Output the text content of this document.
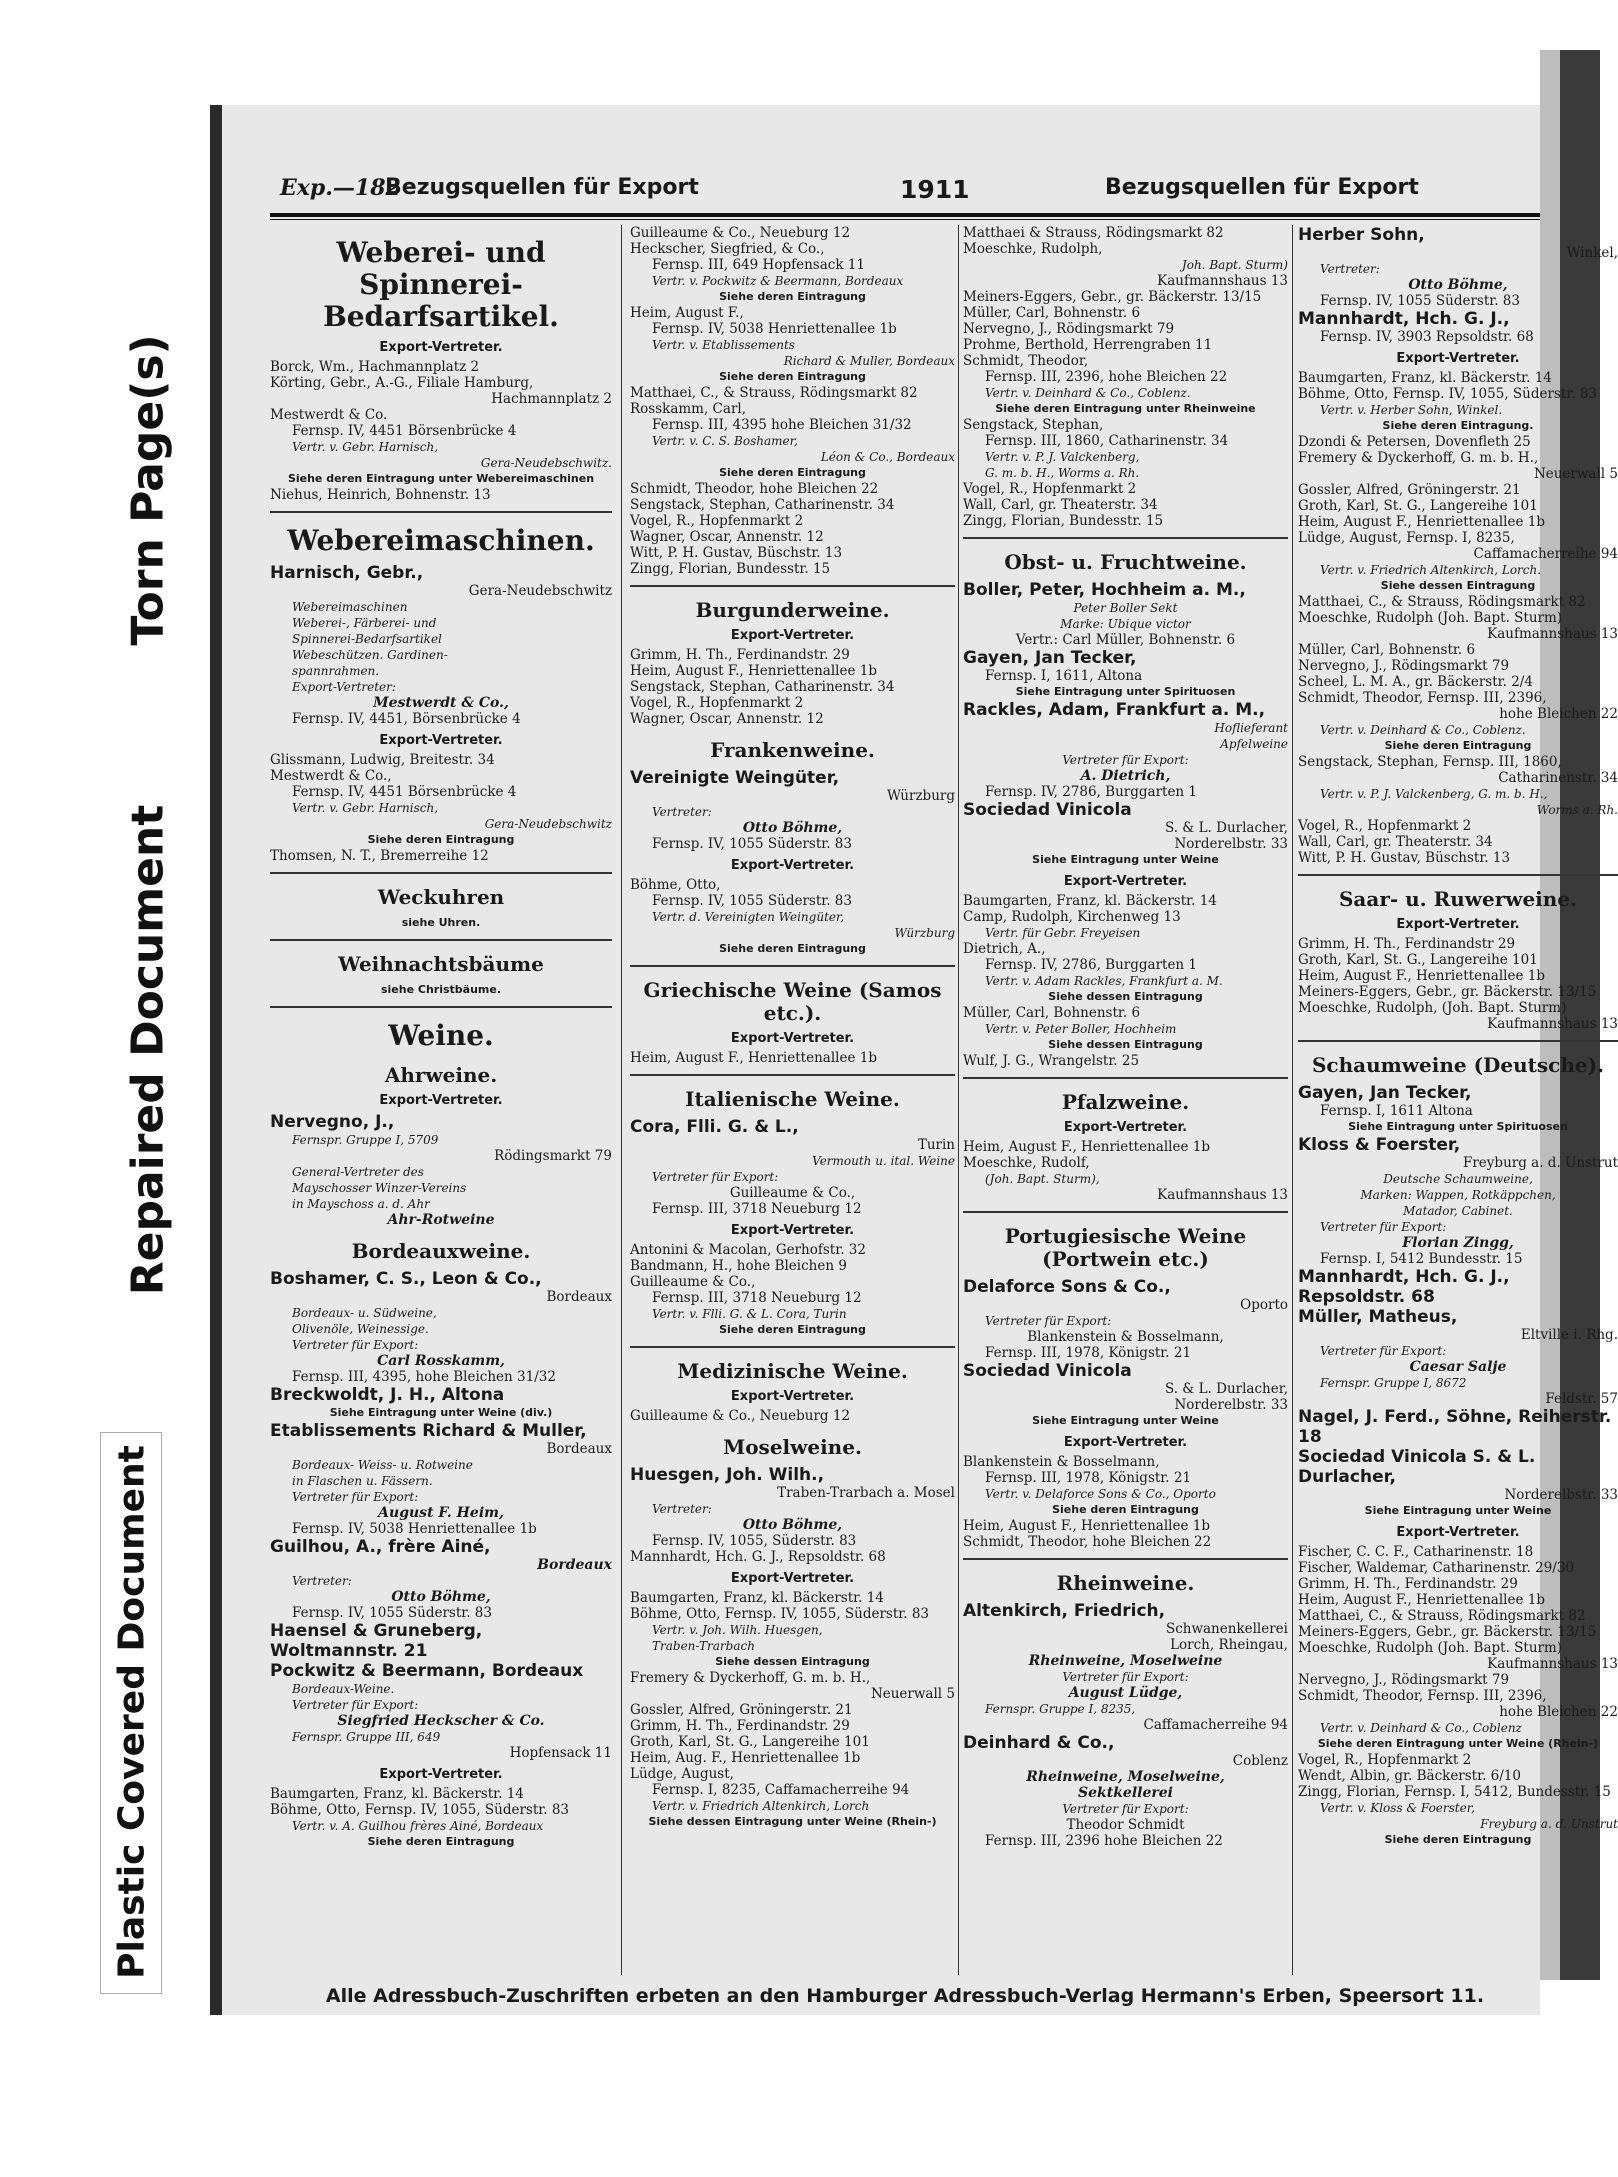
Torn Page(s)
Repaired Document
Plastic Covered Document
Exp.—182
Bezugsquellen für Export	1911	Bezugsquellen für Export
Weberei- und Spinnerei-Bedarfsartikel.
Export-Vertreter.
Borck, Wm., Hachmannplatz 2
Körting, Gebr., A.-G., Filiale Hamburg,
Hachmannplatz 2
Mestwerdt & Co.
Fernsp. IV, 4451 Börsenbrücke 4
Vertr. v. Gebr. Harnisch,
Gera-Neudebschwitz.
Siehe deren Eintragung unter Webereimaschinen
Niehus, Heinrich, Bohnenstr. 13
Webereimaschinen.
Harnisch, Gebr.,
Gera-Neudebschwitz
Webereimaschinen
Weberei-, Färberei- und
Spinnerei-Bedarfsartikel
Webeschützen. Gardinen-
spannrahmen.
Export-Vertreter:
Mestwerdt & Co.,
Fernsp. IV, 4451, Börsenbrücke 4
Export-Vertreter.
Glissmann, Ludwig, Breitestr. 34
Mestwerdt & Co.,
Fernsp. IV, 4451 Börsenbrücke 4
Vertr. v. Gebr. Harnisch,
Gera-Neudebschwitz
Siehe deren Eintragung
Thomsen, N. T., Bremerreihe 12
Weckuhren
siehe Uhren.
Weihnachtsbäume
siehe Christbäume.
Weine.
Ahrweine.
Export-Vertreter.
Nervegno, J.,
Fernspr. Gruppe I, 5709
Rödingsmarkt 79
General-Vertreter des
Mayschosser Winzer-Vereins
in Mayschoss a. d. Ahr
Ahr-Rotweine
Bordeauxweine.
Boshamer, C. S., Leon & Co.,
Bordeaux
Bordeaux- u. Südweine,
Olivenöle, Weinessige.
Vertreter für Export:
Carl Rosskamm,
Fernsp. III, 4395, hohe Bleichen 31/32
Breckwoldt, J. H., Altona
Siehe Eintragung unter Weine (div.)
Etablissements Richard & Muller,
Bordeaux
Bordeaux- Weiss- u. Rotweine
in Flaschen u. Fässern.
Vertreter für Export:
August F. Heim,
Fernsp. IV, 5038 Henriettenallee 1b
Guilhou, A., frère Ainé,
Bordeaux
Vertreter:
Otto Böhme,
Fernsp. IV, 1055 Süderstr. 83
Haensel & Gruneberg, Woltmannstr. 21
Pockwitz & Beermann, Bordeaux
Bordeaux-Weine.
Vertreter für Export:
Siegfried Heckscher & Co.
Fernspr. Gruppe III, 649
Hopfensack 11
Export-Vertreter.
Baumgarten, Franz, kl. Bäckerstr. 14
Böhme, Otto, Fernsp. IV, 1055, Süderstr. 83
Vertr. v. A. Guilhou frères Ainé, Bordeaux
Siehe deren Eintragung
Guilleaume & Co., Neueburg 12
Heckscher, Siegfried, & Co.,
Fernsp. III, 649 Hopfensack 11
Vertr. v. Pockwitz & Beermann, Bordeaux
Siehe deren Eintragung
Heim, August F.,
Fernsp. IV, 5038 Henriettenallee 1b
Vertr. v. Etablissements
Richard & Muller, Bordeaux
Siehe deren Eintragung
Matthaei, C., & Strauss, Rödingsmarkt 82
Rosskamm, Carl,
Fernsp. III, 4395 hohe Bleichen 31/32
Vertr. v. C. S. Boshamer,
Léon & Co., Bordeaux
Siehe deren Eintragung
Schmidt, Theodor, hohe Bleichen 22
Sengstack, Stephan, Catharinenstr. 34
Vogel, R., Hopfenmarkt 2
Wagner, Oscar, Annenstr. 12
Witt, P. H. Gustav, Büschstr. 13
Zingg, Florian, Bundesstr. 15
Burgunderweine.
Export-Vertreter.
Grimm, H. Th., Ferdinandstr. 29
Heim, August F., Henriettenallee 1b
Sengstack, Stephan, Catharinenstr. 34
Vogel, R., Hopfenmarkt 2
Wagner, Oscar, Annenstr. 12
Frankenweine.
Vereinigte Weingüter,
Würzburg
Vertreter:
Otto Böhme,
Fernsp. IV, 1055 Süderstr. 83
Export-Vertreter.
Böhme, Otto,
Fernsp. IV, 1055 Süderstr. 83
Vertr. d. Vereinigten Weingüter,
Würzburg
Siehe deren Eintragung
Griechische Weine (Samos etc.).
Export-Vertreter.
Heim, August F., Henriettenallee 1b
Italienische Weine.
Cora, Flli. G. & L.,
Turin
Vermouth u. ital. Weine
Vertreter für Export:
Guilleaume & Co.,
Fernsp. III, 3718 Neueburg 12
Export-Vertreter.
Antonini & Macolan, Gerhofstr. 32
Bandmann, H., hohe Bleichen 9
Guilleaume & Co.,
Fernsp. III, 3718 Neueburg 12
Vertr. v. Flli. G. & L. Cora, Turin
Siehe deren Eintragung
Medizinische Weine.
Export-Vertreter.
Guilleaume & Co., Neueburg 12
Moselweine.
Huesgen, Joh. Wilh.,
Traben-Trarbach a. Mosel
Vertreter:
Otto Böhme,
Fernsp. IV, 1055, Süderstr. 83
Mannhardt, Hch. G. J., Repsoldstr. 68
Export-Vertreter.
Baumgarten, Franz, kl. Bäckerstr. 14
Böhme, Otto, Fernsp. IV, 1055, Süderstr. 83
Vertr. v. Joh. Wilh. Huesgen,
Traben-Trarbach
Siehe dessen Eintragung
Fremery & Dyckerhoff, G. m. b. H.,
Neuerwall 5
Gossler, Alfred, Gröningerstr. 21
Grimm, H. Th., Ferdinandstr. 29
Groth, Karl, St. G., Langereihe 101
Heim, Aug. F., Henriettenallee 1b
Lüdge, August,
Fernsp. I, 8235, Caffamacherreihe 94
Vertr. v. Friedrich Altenkirch, Lorch
Siehe dessen Eintragung unter Weine (Rhein-)
Matthaei & Strauss, Rödingsmarkt 82
Moeschke, Rudolph,
Joh. Bapt. Sturm)
Kaufmannshaus 13
Meiners-Eggers, Gebr., gr. Bäckerstr. 13/15
Müller, Carl, Bohnenstr. 6
Nervegno, J., Rödingsmarkt 79
Prohme, Berthold, Herrengraben 11
Schmidt, Theodor,
Fernsp. III, 2396, hohe Bleichen 22
Vertr. v. Deinhard & Co., Coblenz.
Siehe deren Eintragung unter Rheinweine
Sengstack, Stephan,
Fernsp. III, 1860, Catharinenstr. 34
Vertr. v. P. J. Valckenberg,
G. m. b. H., Worms a. Rh.
Vogel, R., Hopfenmarkt 2
Wall, Carl, gr. Theaterstr. 34
Zingg, Florian, Bundesstr. 15
Obst- u. Fruchtweine.
Boller, Peter, Hochheim a. M.,
Peter Boller Sekt
Marke: Ubique victor
Vertr.: Carl Müller, Bohnenstr. 6
Gayen, Jan Tecker,
Fernsp. I, 1611, Altona
Siehe Eintragung unter Spirituosen
Rackles, Adam, Frankfurt a. M.,
Hoflieferant
Apfelweine
Vertreter für Export:
A. Dietrich,
Fernsp. IV, 2786, Burggarten 1
Sociedad Vinicola
S. & L. Durlacher,
Norderelbstr. 33
Siehe Eintragung unter Weine
Export-Vertreter.
Baumgarten, Franz, kl. Bäckerstr. 14
Camp, Rudolph, Kirchenweg 13
Vertr. für Gebr. Freyeisen
Dietrich, A.,
Fernsp. IV, 2786, Burggarten 1
Vertr. v. Adam Rackles, Frankfurt a. M.
Siehe dessen Eintragung
Müller, Carl, Bohnenstr. 6
Vertr. v. Peter Boller, Hochheim
Siehe dessen Eintragung
Wulf, J. G., Wrangelstr. 25
Pfalzweine.
Export-Vertreter.
Heim, August F., Henriettenallee 1b
Moeschke, Rudolf,
(Joh. Bapt. Sturm),
Kaufmannshaus 13
Portugiesische Weine (Portwein etc.)
Delaforce Sons & Co.,
Oporto
Vertreter für Export:
Blankenstein & Bosselmann,
Fernsp. III, 1978, Königstr. 21
Sociedad Vinicola
S. & L. Durlacher,
Norderelbstr. 33
Siehe Eintragung unter Weine
Export-Vertreter.
Blankenstein & Bosselmann,
Fernsp. III, 1978, Königstr. 21
Vertr. v. Delaforce Sons & Co., Oporto
Siehe deren Eintragung
Heim, August F., Henriettenallee 1b
Schmidt, Theodor, hohe Bleichen 22
Rheinweine.
Altenkirch, Friedrich,
Schwanenkellerei
Lorch, Rheingau,
Rheinweine, Moselweine
Vertreter für Export:
August Lüdge,
Fernspr. Gruppe I, 8235,
Caffamacherreihe 94
Deinhard & Co.,
Coblenz
Rheinweine, Moselweine,
Sektkellerei
Vertreter für Export:
Theodor Schmidt
Fernsp. III, 2396 hohe Bleichen 22
Herber Sohn,
Winkel,
Vertreter:
Otto Böhme,
Fernsp. IV, 1055 Süderstr. 83
Mannhardt, Hch. G. J.,
Fernsp. IV, 3903 Repsoldstr. 68
Export-Vertreter.
Baumgarten, Franz, kl. Bäckerstr. 14
Böhme, Otto, Fernsp. IV, 1055, Süderstr. 83
Vertr. v. Herber Sohn, Winkel.
Siehe deren Eintragung.
Dzondi & Petersen, Dovenfleth 25
Fremery & Dyckerhoff, G. m. b. H.,
Neuerwall 5
Gossler, Alfred, Gröningerstr. 21
Groth, Karl, St. G., Langereihe 101
Heim, August F., Henriettenallee 1b
Lüdge, August, Fernsp. I, 8235,
Caffamacherreihe 94
Vertr. v. Friedrich Altenkirch, Lorch.
Siehe dessen Eintragung
Matthaei, C., & Strauss, Rödingsmarkt 82
Moeschke, Rudolph (Joh. Bapt. Sturm)
Kaufmannshaus 13
Müller, Carl, Bohnenstr. 6
Nervegno, J., Rödingsmarkt 79
Scheel, L. M. A., gr. Bäckerstr. 2/4
Schmidt, Theodor, Fernsp. III, 2396,
hohe Bleichen 22
Vertr. v. Deinhard & Co., Coblenz.
Siehe deren Eintragung
Sengstack, Stephan, Fernsp. III, 1860,
Catharinenstr. 34
Vertr. v. P. J. Valckenberg, G. m. b. H.,
Worms a. Rh.
Vogel, R., Hopfenmarkt 2
Wall, Carl, gr. Theaterstr. 34
Witt, P. H. Gustav, Büschstr. 13
Saar- u. Ruwerweine.
Export-Vertreter.
Grimm, H. Th., Ferdinandstr 29
Groth, Karl, St. G., Langereihe 101
Heim, August F., Henriettenallee 1b
Meiners-Eggers, Gebr., gr. Bäckerstr. 13/15
Moeschke, Rudolph, (Joh. Bapt. Sturm)
Kaufmannshaus 13
Schaumweine (Deutsche).
Gayen, Jan Tecker,
Fernsp. I, 1611 Altona
Siehe Eintragung unter Spirituosen
Kloss & Foerster,
Freyburg a. d. Unstrut
Deutsche Schaumweine,
Marken: Wappen, Rotkäppchen,
Matador, Cabinet.
Vertreter für Export:
Florian Zingg,
Fernsp. I, 5412 Bundesstr. 15
Mannhardt, Hch. G. J., Repsoldstr. 68
Müller, Matheus,
Eltville i. Rhg.
Vertreter für Export:
Caesar Salje
Fernspr. Gruppe I, 8672
Feldstr. 57
Nagel, J. Ferd., Söhne, Reiherstr. 18
Sociedad Vinicola S. & L. Durlacher,
Norderelbstr. 33
Siehe Eintragung unter Weine
Export-Vertreter.
Fischer, C. C. F., Catharinenstr. 18
Fischer, Waldemar, Catharinenstr. 29/30
Grimm, H. Th., Ferdinandstr. 29
Heim, August F., Henriettenallee 1b
Matthaei, C., & Strauss, Rödingsmarkt 82
Meiners-Eggers, Gebr., gr. Bäckerstr. 13/15
Moeschke, Rudolph (Joh. Bapt. Sturm)
Kaufmannshaus 13
Nervegno, J., Rödingsmarkt 79
Schmidt, Theodor, Fernsp. III, 2396,
hohe Bleichen 22
Vertr. v. Deinhard & Co., Coblenz
Siehe deren Eintragung unter Weine (Rhein-)
Vogel, R., Hopfenmarkt 2
Wendt, Albin, gr. Bäckerstr. 6/10
Zingg, Florian, Fernsp. I, 5412, Bundesstr. 15
Vertr. v. Kloss & Foerster,
Freyburg a. d. Unstrut
Siehe deren Eintragung
Alle Adressbuch-Zuschriften erbeten an den Hamburger Adressbuch-Verlag Hermann's Erben, Speersort 11.
